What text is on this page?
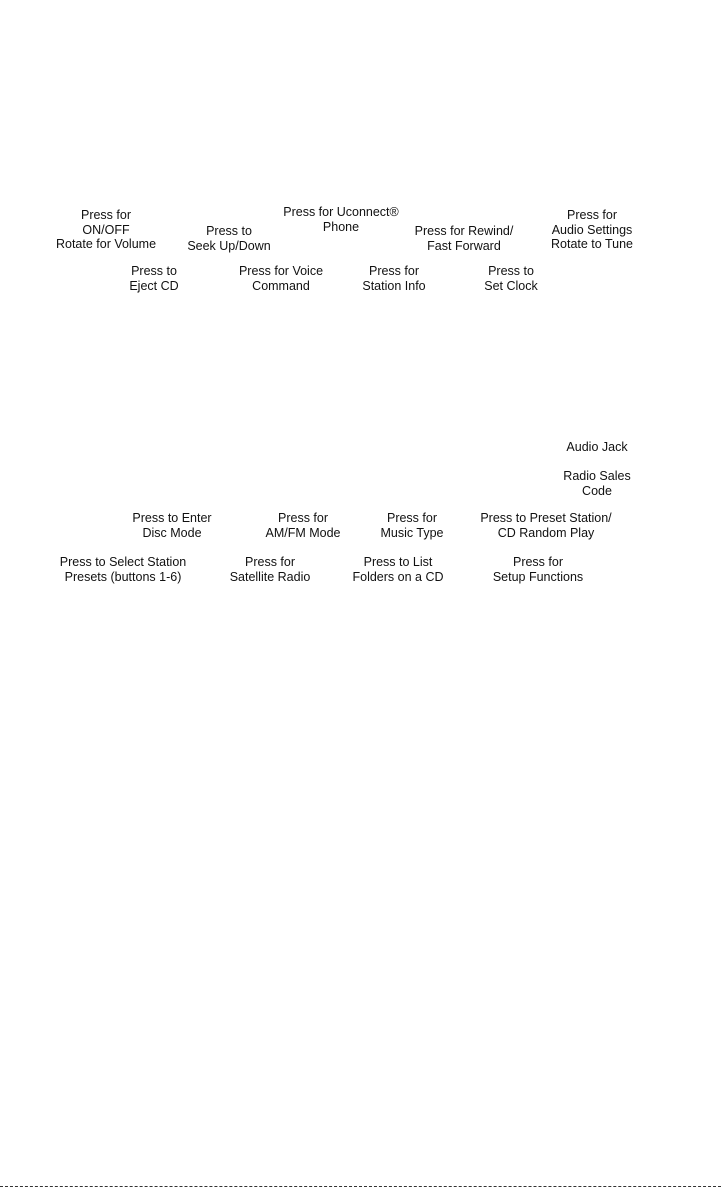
Press for
ON/OFF
Rotate for Volume
Press to
Seek Up/Down
Press for Uconnect®
Phone	Press for Rewind/
Fast Forward
Press for
Audio Settings
Rotate to Tune
Press to
Eject CD
Press for Voice
Command
Press for
Station Info
Press to
Set Clock
Audio Jack
Radio Sales
Code
Press to Enter
Disc Mode
Press for
AM/FM Mode
Press for
Music Type
Press to Preset Station/
CD Random Play
Press to Select Station
Presets (buttons 1-6)
Press for
Satellite Radio
Press to List
Folders on a CD
Press for
Setup Functions
